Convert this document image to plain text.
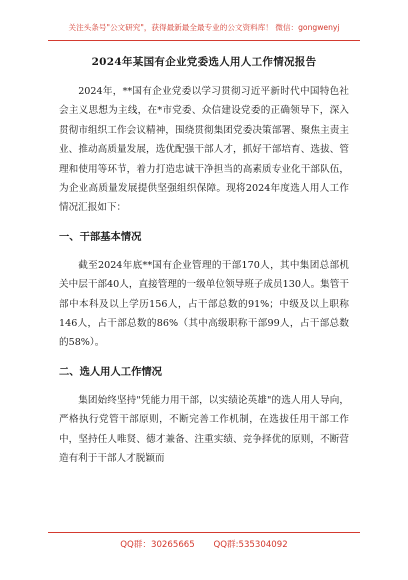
关注头条号"公文研究"，获得最新最全最专业的公文资料库！ 微信：gongwenyj
2024年某国有企业党委选人用人工作情况报告

2024年，**国有企业党委以学习贯彻习近平新时代中国特色社会主义思想为主线，在*市党委、众信建设党委的正确领导下，深入贯彻市组织工作会议精神，围绕贯彻集团党委决策部署、聚焦主责主业、推动高质量发展，选优配强干部人才，抓好干部培育、选拔、管理和使用等环节，着力打造忠诚干净担当的高素质专业化干部队伍，为企业高质量发展提供坚强组织保障。现将2024年度选人用人工作情况汇报如下：

一、干部基本情况

截至2024年底**国有企业管理的干部170人，其中集团总部机关中层干部40人，直接管理的一级单位领导班子成员130人。集管干部中本科及以上学历156人，占干部总数的91%；中级及以上职称146人，占干部总数的86%（其中高级职称干部99人，占干部总数的58%）。

二、选人用人工作情况

集团始终坚持"凭能力用干部，以实绩论英雄"的选人用人导向，严格执行党管干部原则，不断完善工作机制，在选拔任用干部工作中，坚持任人唯贤、德才兼备、注重实绩、竞争择优的原则，不断营造有利于干部人才脱颖而

QQ群：30265665 QQ群:535304092
